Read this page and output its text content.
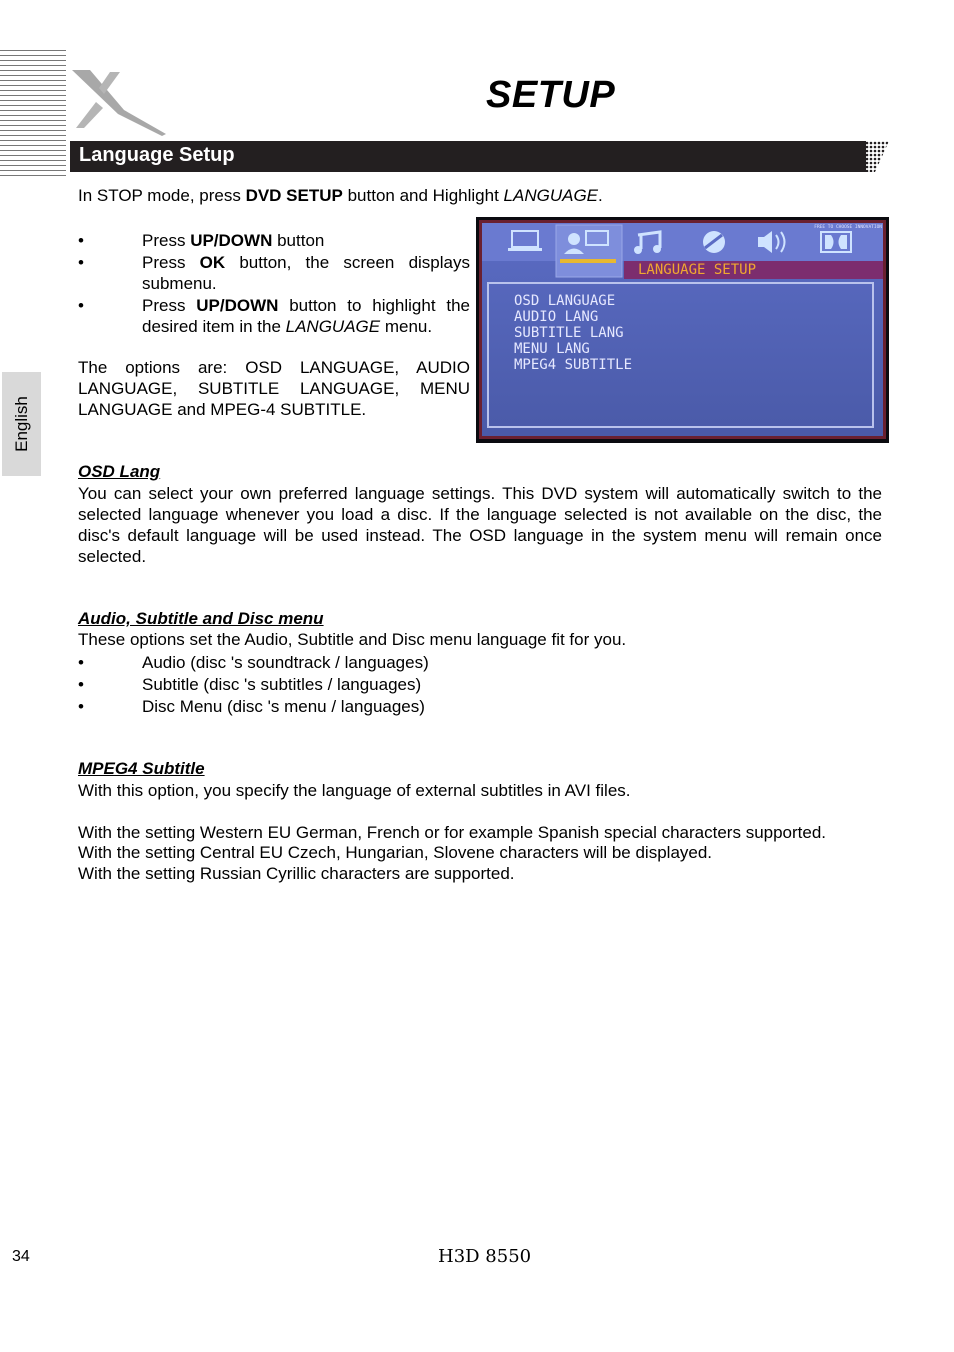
SETUP
Language Setup
English
In STOP mode, press DVD SETUP button and Highlight LANGUAGE.
•	Press UP/DOWN button
•	Press OK button, the screen displays submenu.
•	Press UP/DOWN button to highlight the desired item in the LANGUAGE menu.
The options are: OSD LANGUAGE, AUDIO LANGUAGE, SUBTITLE LANGUAGE, MENU LANGUAGE and MPEG-4 SUBTITLE.
FREE TO CHOOSE INNOVATION
LANGUAGE SETUP
OSD LANGUAGE
AUDIO LANG
SUBTITLE LANG
MENU LANG
MPEG4 SUBTITLE
OSD Lang
You can select your own preferred language settings. This DVD system will automatically switch to the selected language whenever you load a disc. If the language selected is not available on the disc, the disc's default language will be used instead. The OSD language in the system menu will remain once selected.
Audio, Subtitle and Disc menu
These options set the Audio, Subtitle and Disc menu language fit for you.
•	Audio (disc 's soundtrack / languages)
•	Subtitle (disc 's subtitles / languages)
•	Disc Menu (disc 's menu / languages)
MPEG4 Subtitle
With this option, you specify the language of external subtitles in AVI files.
With the setting Western EU German, French or for example Spanish special characters supported.
With the setting Central EU Czech, Hungarian, Slovene characters will be displayed.
With the setting Russian Cyrillic characters are supported.
34	H3D 8550
